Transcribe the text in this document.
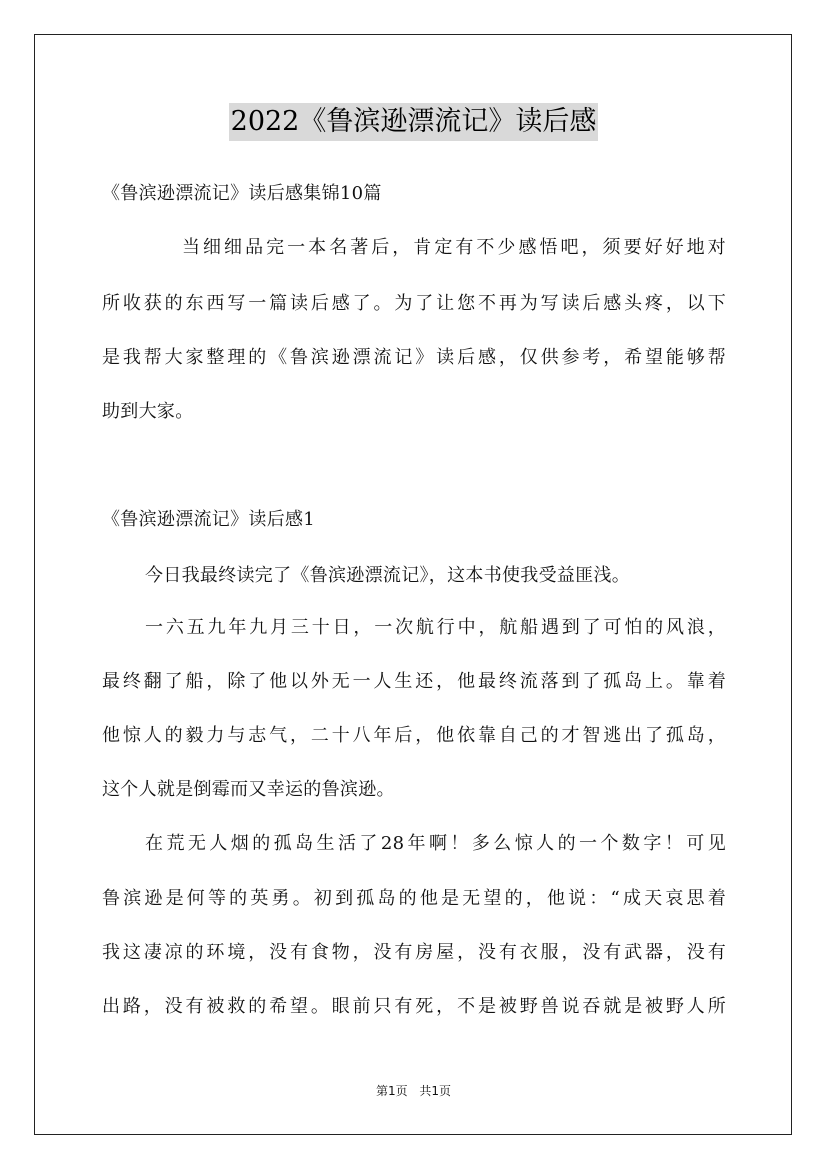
2022《鲁滨逊漂流记》读后感
《鲁滨逊漂流记》读后感集锦10篇
当细细品完一本名著后，肯定有不少感悟吧，须要好好地对
所收获的东西写一篇读后感了。为了让您不再为写读后感头疼，以下
是我帮大家整理的《鲁滨逊漂流记》读后感，仅供参考，希望能够帮
助到大家。
《鲁滨逊漂流记》读后感1
今日我最终读完了《鲁滨逊漂流记》，这本书使我受益匪浅。
一六五九年九月三十日，一次航行中，航船遇到了可怕的风浪，
最终翻了船，除了他以外无一人生还，他最终流落到了孤岛上。靠着
他惊人的毅力与志气，二十八年后，他依靠自己的才智逃出了孤岛，
这个人就是倒霉而又幸运的鲁滨逊。
在荒无人烟的孤岛生活了28年啊！多么惊人的一个数字！可见
鲁滨逊是何等的英勇。初到孤岛的他是无望的，他说：“成天哀思着
我这凄凉的环境，没有食物，没有房屋，没有衣服，没有武器，没有
出路，没有被救的希望。眼前只有死，不是被野兽说吞就是被野人所
第1页 共1页
